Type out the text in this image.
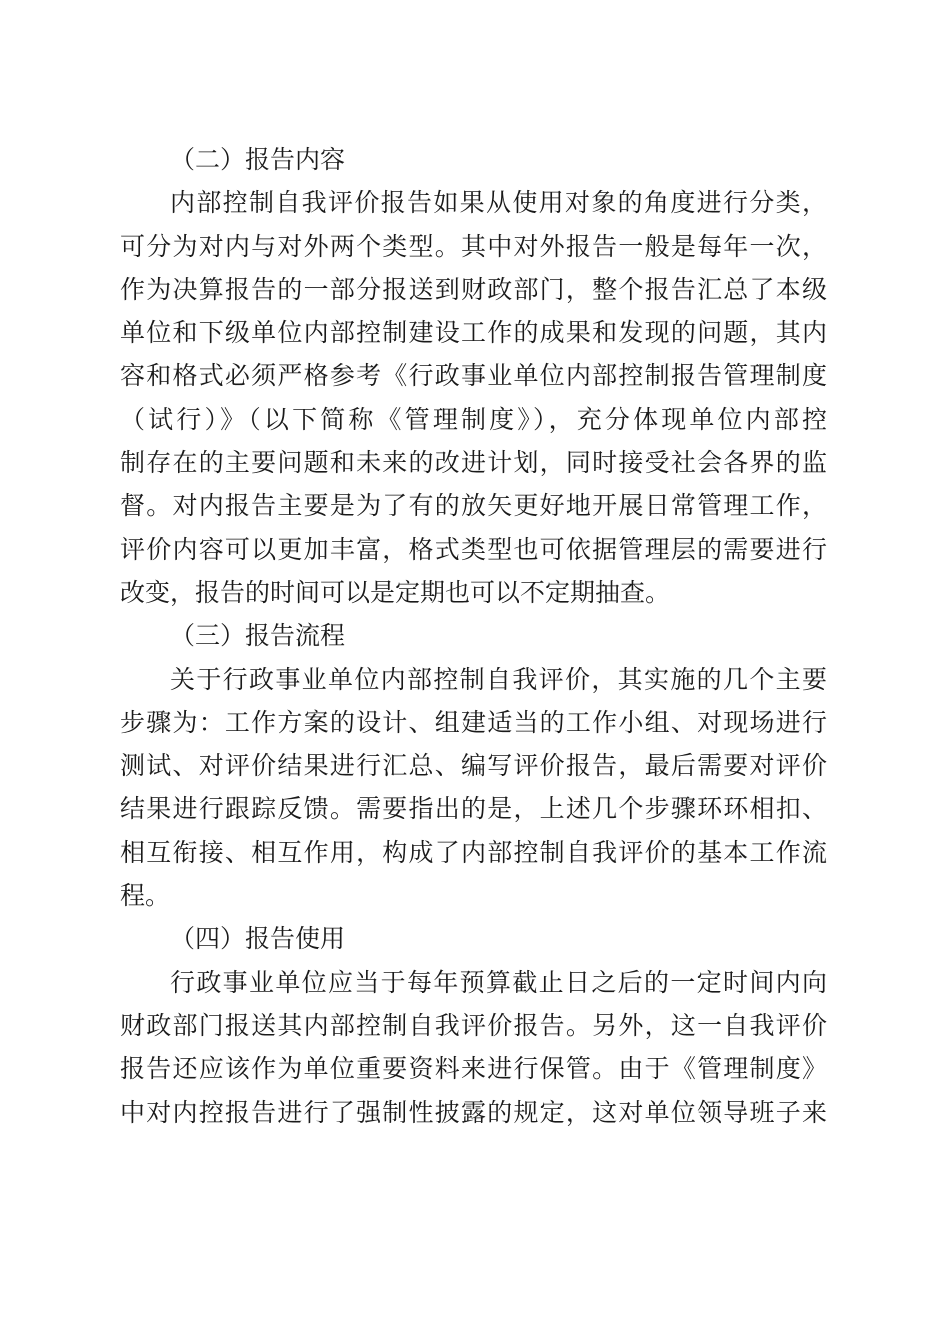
（二）报告内容
内部控制自我评价报告如果从使用对象的角度进行分类，
可分为对内与对外两个类型。其中对外报告一般是每年一次，
作为决算报告的一部分报送到财政部门，整个报告汇总了本级
单位和下级单位内部控制建设工作的成果和发现的问题，其内
容和格式必须严格参考《行政事业单位内部控制报告管理制度
（试行）》（以下简称《管理制度》），充分体现单位内部控
制存在的主要问题和未来的改进计划，同时接受社会各界的监
督。对内报告主要是为了有的放矢更好地开展日常管理工作，
评价内容可以更加丰富，格式类型也可依据管理层的需要进行
改变，报告的时间可以是定期也可以不定期抽查。
（三）报告流程
关于行政事业单位内部控制自我评价，其实施的几个主要
步骤为：工作方案的设计、组建适当的工作小组、对现场进行
测试、对评价结果进行汇总、编写评价报告，最后需要对评价
结果进行跟踪反馈。需要指出的是，上述几个步骤环环相扣、
相互衔接、相互作用，构成了内部控制自我评价的基本工作流
程。
（四）报告使用
行政事业单位应当于每年预算截止日之后的一定时间内向
财政部门报送其内部控制自我评价报告。另外，这一自我评价
报告还应该作为单位重要资料来进行保管。由于《管理制度》
中对内控报告进行了强制性披露的规定，这对单位领导班子来
